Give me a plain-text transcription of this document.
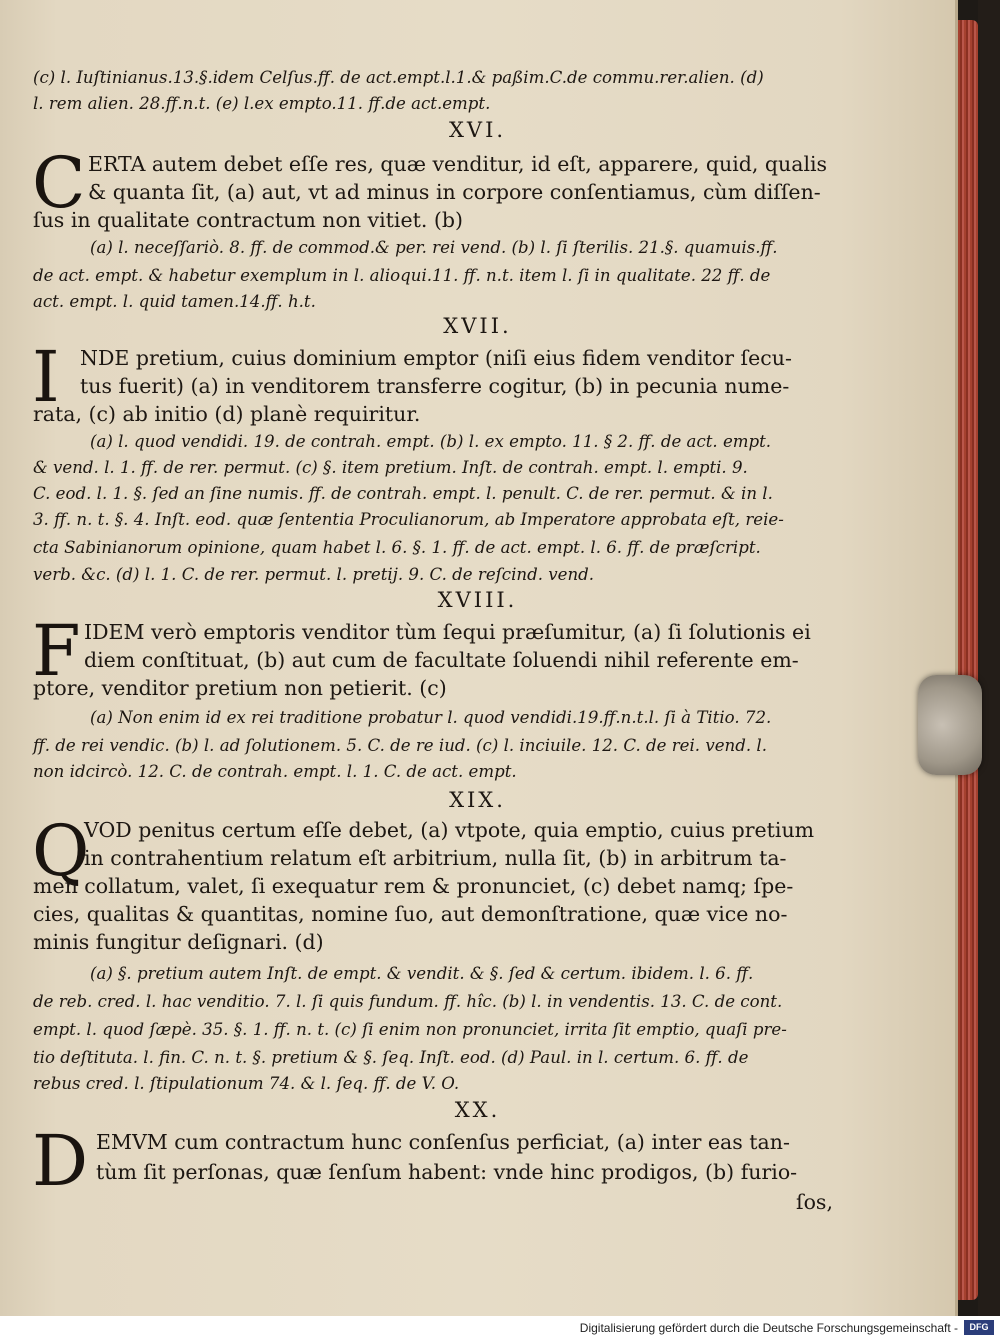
(c) l. Iuſtinianus.13.§.idem Celſus.ff. de act.empt.l.1.& paßim.C.de commu.rer.alien. (d)
l. rem alien. 28.ff.n.t. (e) l.ex empto.11. ff.de act.empt.
XVI.
C ERTA autem debet eſſe res, quæ venditur, id eſt, apparere, quid, qualis
& quanta ſit, (a) aut, vt ad minus in corpore conſentiamus, cùm diſſen-
ſus in qualitate contractum non vitiet. (b)
(a) l. neceſſariò. 8. ff. de commod.& per. rei vend. (b) l. ſi ſterilis. 21.§. quamuis.ff.
de act. empt. & habetur exemplum in l. alioqui.11. ff. n.t. item l. ſi in qualitate. 22 ff. de
act. empt. l. quid tamen.14.ff. h.t.
XVII.
I NDE pretium, cuius dominium emptor (niſi eius fidem venditor ſecu-
tus fuerit) (a) in venditorem transferre cogitur, (b) in pecunia nume-
rata, (c) ab initio (d) planè requiritur.
(a) l. quod vendidi. 19. de contrah. empt. (b) l. ex empto. 11. § 2. ff. de act. empt.
& vend. l. 1. ff. de rer. permut. (c) §. item pretium. Inſt. de contrah. empt. l. empti. 9.
C. eod. l. 1. §. ſed an ſine numis. ff. de contrah. empt. l. penult. C. de rer. permut. & in l.
3. ff. n. t. §. 4. Inſt. eod. quæ ſententia Proculianorum, ab Imperatore approbata eſt, reie-
cta Sabinianorum opinione, quam habet l. 6. §. 1. ff. de act. empt. l. 6. ff. de præſcript.
verb. &c. (d) l. 1. C. de rer. permut. l. pretij. 9. C. de reſcind. vend.
XVIII.
F IDEM verò emptoris venditor tùm ſequi præſumitur, (a) ſi ſolutionis ei
diem conſtituat, (b) aut cum de facultate ſoluendi nihil referente em-
ptore, venditor pretium non petierit. (c)
(a) Non enim id ex rei traditione probatur l. quod vendidi.19.ff.n.t.l. ſi à Titio. 72.
ff. de rei vendic. (b) l. ad ſolutionem. 5. C. de re iud. (c) l. inciuile. 12. C. de rei. vend. l.
non idcircò. 12. C. de contrah. empt. l. 1. C. de act. empt.
XIX.
Q
VOD penitus certum eſſe debet, (a) vtpote, quia emptio, cuius pretium
in contrahentium relatum eſt arbitrium, nulla ſit, (b) in arbitrum ta-
men collatum, valet, ſi exequatur rem & pronunciet, (c) debet namq; ſpe-
cies, qualitas & quantitas, nomine ſuo, aut demonſtratione, quæ vice no-
minis fungitur deſignari. (d)
(a) §. pretium autem Inſt. de empt. & vendit. & §. ſed & certum. ibidem. l. 6. ff.
de reb. cred. l. hac venditio. 7. l. ſi quis fundum. ff. hîc. (b) l. in vendentis. 13. C. de cont.
empt. l. quod ſæpè. 35. §. 1. ff. n. t. (c) ſi enim non pronunciet, irrita ſit emptio, quaſi pre-
tio deſtituta. l. fin. C. n. t. §. pretium & §. ſeq. Inſt. eod. (d) Paul. in l. certum. 6. ff. de
rebus cred. l. ſtipulationum 74. & l. ſeq. ff. de V. O.
XX.
D EMVM cum contractum hunc conſenſus perficiat, (a) inter eas tan-
tùm ſit perſonas, quæ ſenſum habent: vnde hinc prodigos, (b) furio-
ſos,
Digitalisierung gefördert durch die Deutsche Forschungsgemeinschaft -	DFG
